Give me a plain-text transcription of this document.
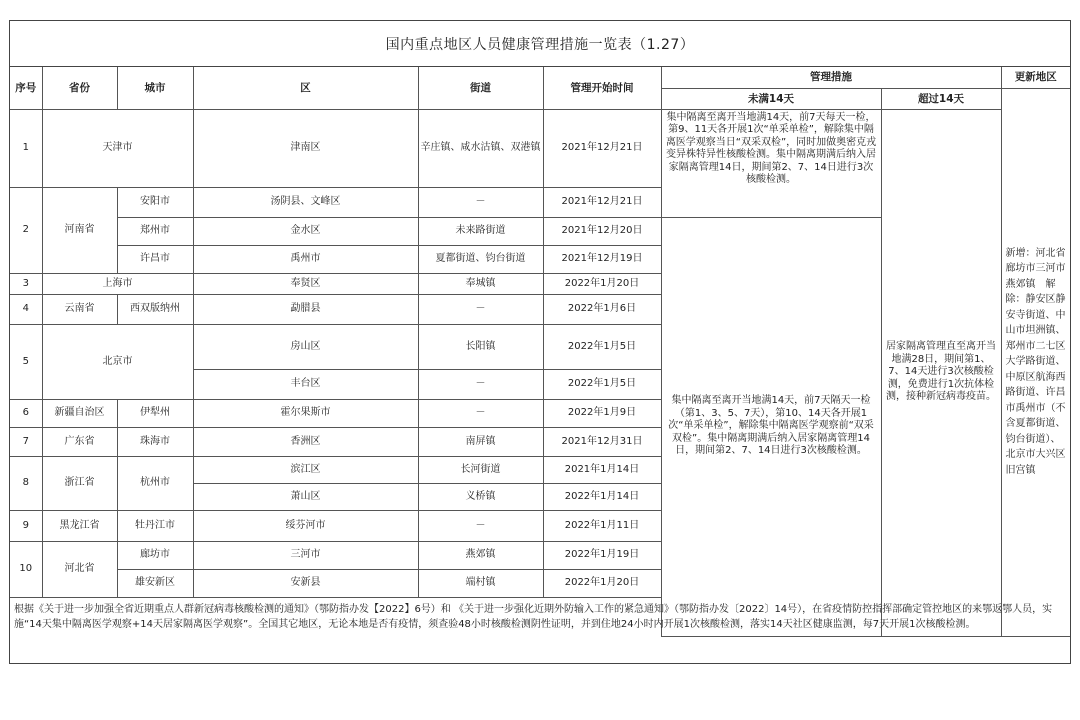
国内重点地区人员健康管理措施一览表（1.27）
序号	省份	城市	区	街道	管理开始时间	管理措施		更新地区
						未满14天	超过14天	新增：河北省廊坊市三河市燕郊镇　解除：静安区静安寺街道、中山市坦洲镇、郑州市二七区大学路街道、中原区航海西路街道、许昌市禹州市（不含夏都街道、钧台街道）、北京市大兴区旧宫镇
1	天津市		津南区	辛庄镇、咸水沽镇、双港镇	2021年12月21日	集中隔离至离开当地满14天，前7天每天一检，第9、11天各开展1次“单采单检”，解除集中隔离医学观察当日“双采双检”，同时加做奥密克戎变异株特异性核酸检测。集中隔离期满后纳入居家隔离管理14日，期间第2、7、14日进行3次核酸检测。	居家隔离管理直至离开当地满28日，期间第1、7、14天进行3次核酸检测，免费进行1次抗体检测，接种新冠病毒疫苗。	
2	河南省	安阳市	汤阴县、文峰区	－	2021年12月21日			
		郑州市	金水区	未来路街道	2021年12月20日	集中隔离至离开当地满14天，前7天隔天一检（第1、3、5、7天），第10、14天各开展1次“单采单检”，解除集中隔离医学观察前“双采双检”。集中隔离期满后纳入居家隔离管理14日，期间第2、7、14日进行3次核酸检测。		
		许昌市	禹州市	夏都街道、钧台街道	2021年12月19日			
3	上海市		奉贤区	奉城镇	2022年1月20日			
4	云南省	西双版纳州	勐腊县	－	2022年1月6日			
5	北京市		房山区	长阳镇	2022年1月5日			
			丰台区	－	2022年1月5日			
6	新疆自治区	伊犁州	霍尔果斯市	－	2022年1月9日			
7	广东省	珠海市	香洲区	南屏镇	2021年12月31日			
8	浙江省	杭州市	滨江区	长河街道	2021年1月14日			
			萧山区	义桥镇	2022年1月14日			
9	黑龙江省	牡丹江市	绥芬河市	－	2022年1月11日			
10	河北省	廊坊市	三河市	燕郊镇	2022年1月19日			
		雄安新区	安新县	端村镇	2022年1月20日			
根据《关于进一步加强全省近期重点人群新冠病毒核酸检测的通知》（鄂防指办发【2022】6号）和 《关于进一步强化近期外防输入工作的紧急通知》（鄂防指办发〔2022〕14号），在省疫情防控指挥部确定管控地区的来鄂返鄂人员，实施“14天集中隔离医学观察+14天居家隔离医学观察”。全国其它地区，无论本地是否有疫情，须查验48小时核酸检测阴性证明，并到住地24小时内开展1次核酸检测，落实14天社区健康监测，每7天开展1次核酸检测。								
